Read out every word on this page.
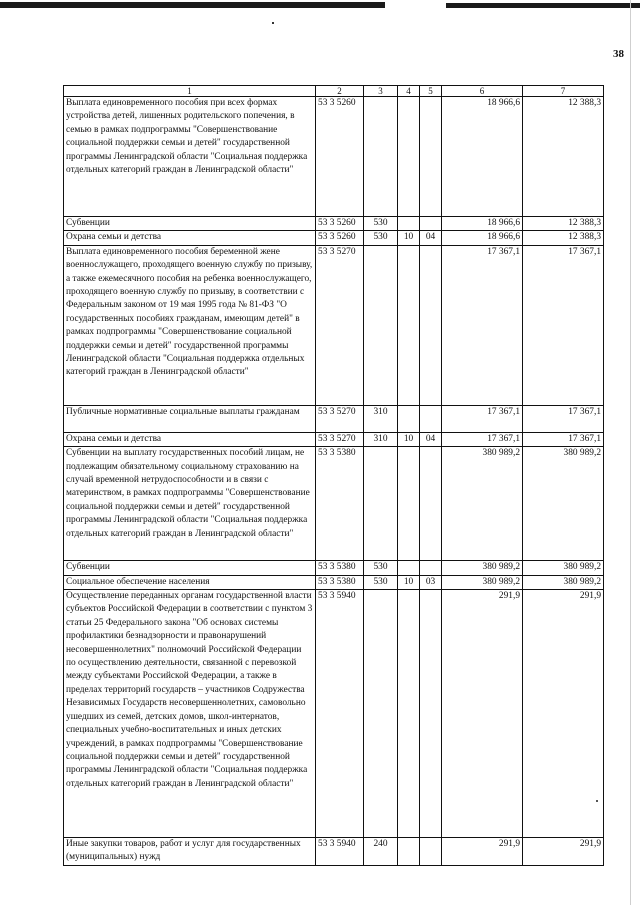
38
1	2	3	4	5	6	7
Выплата единовременного пособия при всех формах устройства детей, лишенных родительского попечения, в семью в рамках подпрограммы "Совершенствование социальной поддержки семьи и детей" государственной программы Ленинградской области "Социальная поддержка отдельных категорий граждан в Ленинградской области"	53 3 5260				18 966,6	12 388,3
Субвенции	53 3 5260	530			18 966,6	12 388,3
Охрана семьи и детства	53 3 5260	530	10	04	18 966,6	12 388,3
Выплата единовременного пособия беременной жене военнослужащего, проходящего военную службу по призыву, а также ежемесячного пособия на ребенка военнослужащего, проходящего военную службу по призыву, в соответствии с Федеральным законом от 19 мая 1995 года № 81-ФЗ "О государственных пособиях гражданам, имеющим детей" в рамках подпрограммы "Совершенствование социальной поддержки семьи и детей" государственной программы Ленинградской области "Социальная поддержка отдельных категорий граждан в Ленинградской области"	53 3 5270				17 367,1	17 367,1
Публичные нормативные социальные выплаты гражданам	53 3 5270	310			17 367,1	17 367,1
Охрана семьи и детства	53 3 5270	310	10	04	17 367,1	17 367,1
Субвенции на выплату государственных пособий лицам, не подлежащим обязательному социальному страхованию на случай временной нетрудоспособности и в связи с материнством, в рамках подпрограммы "Совершенствование социальной поддержки семьи и детей" государственной программы Ленинградской области "Социальная поддержка отдельных категорий граждан в Ленинградской области"	53 3 5380				380 989,2	380 989,2
Субвенции	53 3 5380	530			380 989,2	380 989,2
Социальное обеспечение населения	53 3 5380	530	10	03	380 989,2	380 989,2
Осуществление переданных органам государственной власти субъектов Российской Федерации в соответствии с пунктом 3 статьи 25 Федерального закона "Об основах системы профилактики безнадзорности и правонарушений несовершеннолетних" полномочий Российской Федерации по осуществлению деятельности, связанной с перевозкой между субъектами Российской Федерации, а также в пределах территорий государств – участников Содружества Независимых Государств несовершеннолетних, самовольно ушедших из семей, детских домов, школ-интернатов, специальных учебно-воспитательных и иных детских учреждений, в рамках подпрограммы "Совершенствование социальной поддержки семьи и детей" государственной программы Ленинградской области "Социальная поддержка отдельных категорий граждан в Ленинградской области"	53 3 5940				291,9	291,9
Иные закупки товаров, работ и услуг для государственных (муниципальных) нужд	53 3 5940	240			291,9	291,9
